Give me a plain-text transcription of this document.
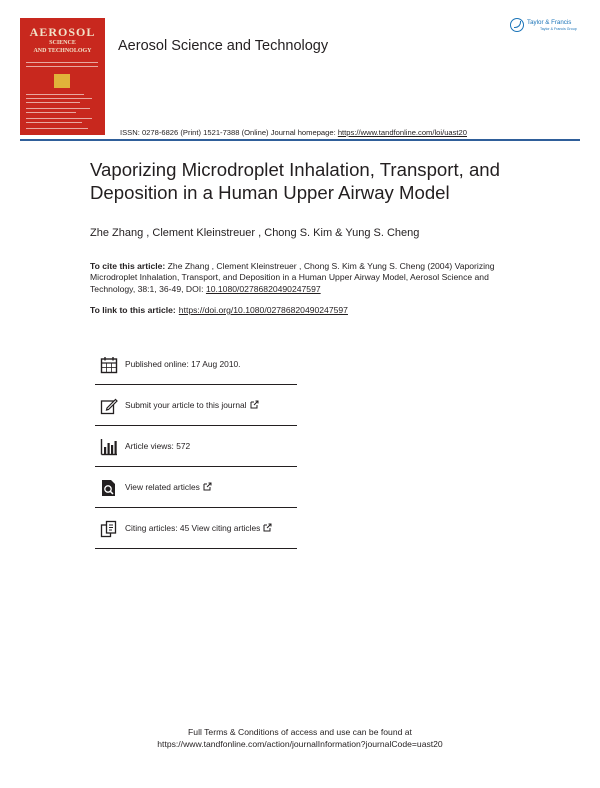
AEROSOL
SCIENCE
AND TECHNOLOGY	Aerosol Science and Technology
Taylor & Francis
Taylor & Francis Group
ISSN: 0278-6826 (Print) 1521-7388 (Online) Journal homepage: https://www.tandfonline.com/loi/uast20
Vaporizing Microdroplet Inhalation, Transport, and Deposition in a Human Upper Airway Model
Zhe Zhang , Clement Kleinstreuer , Chong S. Kim & Yung S. Cheng
To cite this article: Zhe Zhang , Clement Kleinstreuer , Chong S. Kim & Yung S. Cheng (2004) Vaporizing Microdroplet Inhalation, Transport, and Deposition in a Human Upper Airway Model, Aerosol Science and Technology, 38:1, 36-49, DOI: 10.1080/02786820490247597
To link to this article: https://doi.org/10.1080/02786820490247597
Published online: 17 Aug 2010.
Submit your article to this journal
Article views: 572
View related articles
Citing articles: 45 View citing articles
Full Terms & Conditions of access and use can be found at
https://www.tandfonline.com/action/journalInformation?journalCode=uast20
